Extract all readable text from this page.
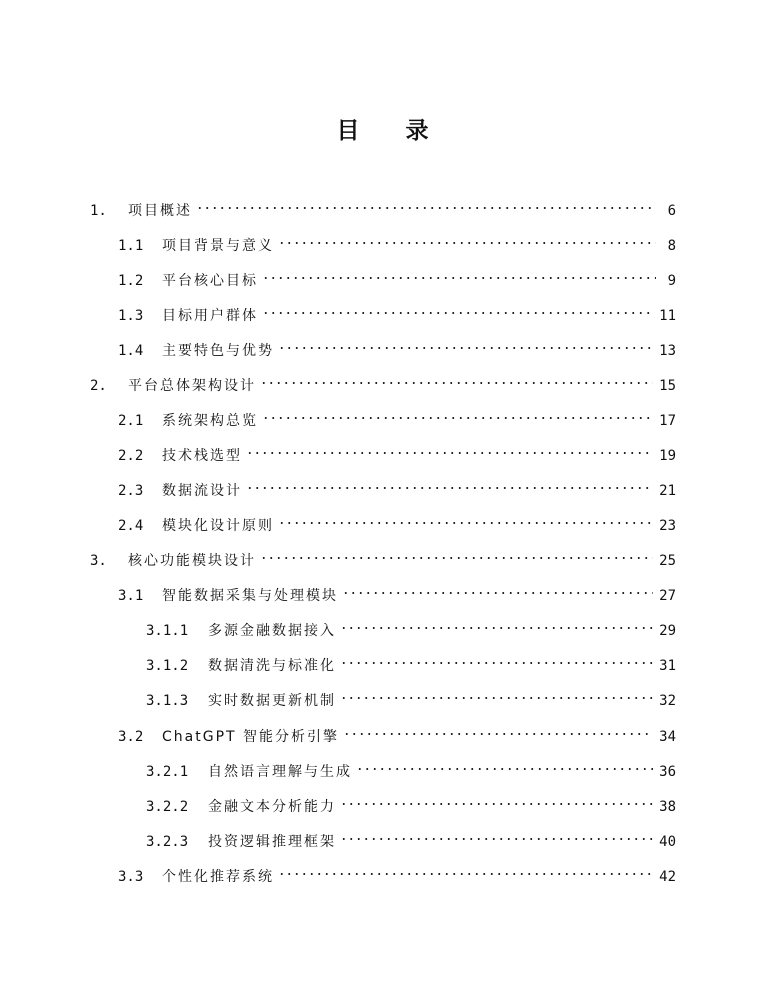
目 录
1.	项目概述	6
1.1	项目背景与意义	8
1.2	平台核心目标	9
1.3	目标用户群体	11
1.4	主要特色与优势	13
2.	平台总体架构设计	15
2.1	系统架构总览	17
2.2	技术栈选型	19
2.3	数据流设计	21
2.4	模块化设计原则	23
3.	核心功能模块设计	25
3.1	智能数据采集与处理模块	27
3.1.1	多源金融数据接入	29
3.1.2	数据清洗与标准化	31
3.1.3	实时数据更新机制	32
3.2	ChatGPT 智能分析引擎	34
3.2.1	自然语言理解与生成	36
3.2.2	金融文本分析能力	38
3.2.3	投资逻辑推理框架	40
3.3	个性化推荐系统	42
